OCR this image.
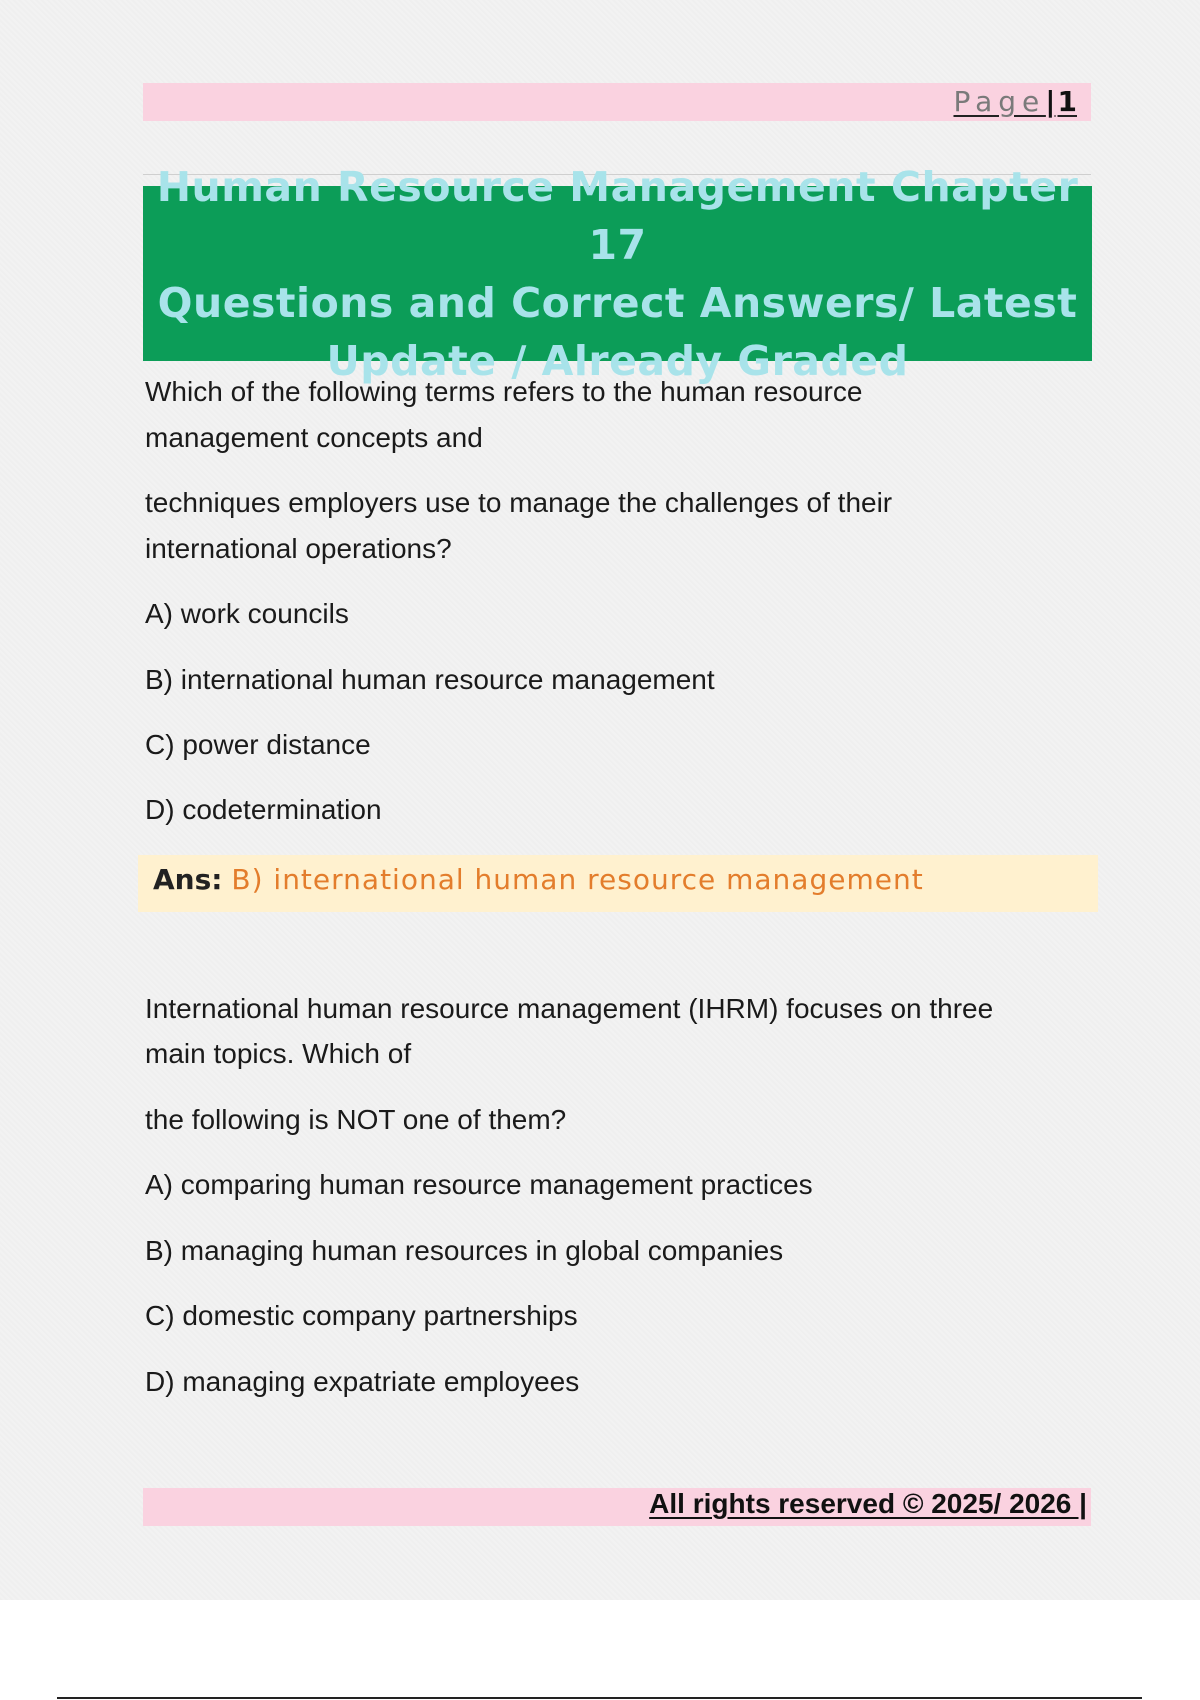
Page|1
Human Resource Management Chapter 17
Questions and Correct Answers/ Latest
Update / Already Graded
Which of the following terms refers to the human resource
management concepts and
techniques employers use to manage the challenges of their
international operations?
A) work councils
B) international human resource management
C) power distance
D) codetermination
International human resource management (IHRM) focuses on three
main topics. Which of
the following is NOT one of them?
A) comparing human resource management practices
B) managing human resources in global companies
C) domestic company partnerships
D) managing expatriate employees
Ans: B) international human resource management
All rights reserved © 2025/ 2026 |
